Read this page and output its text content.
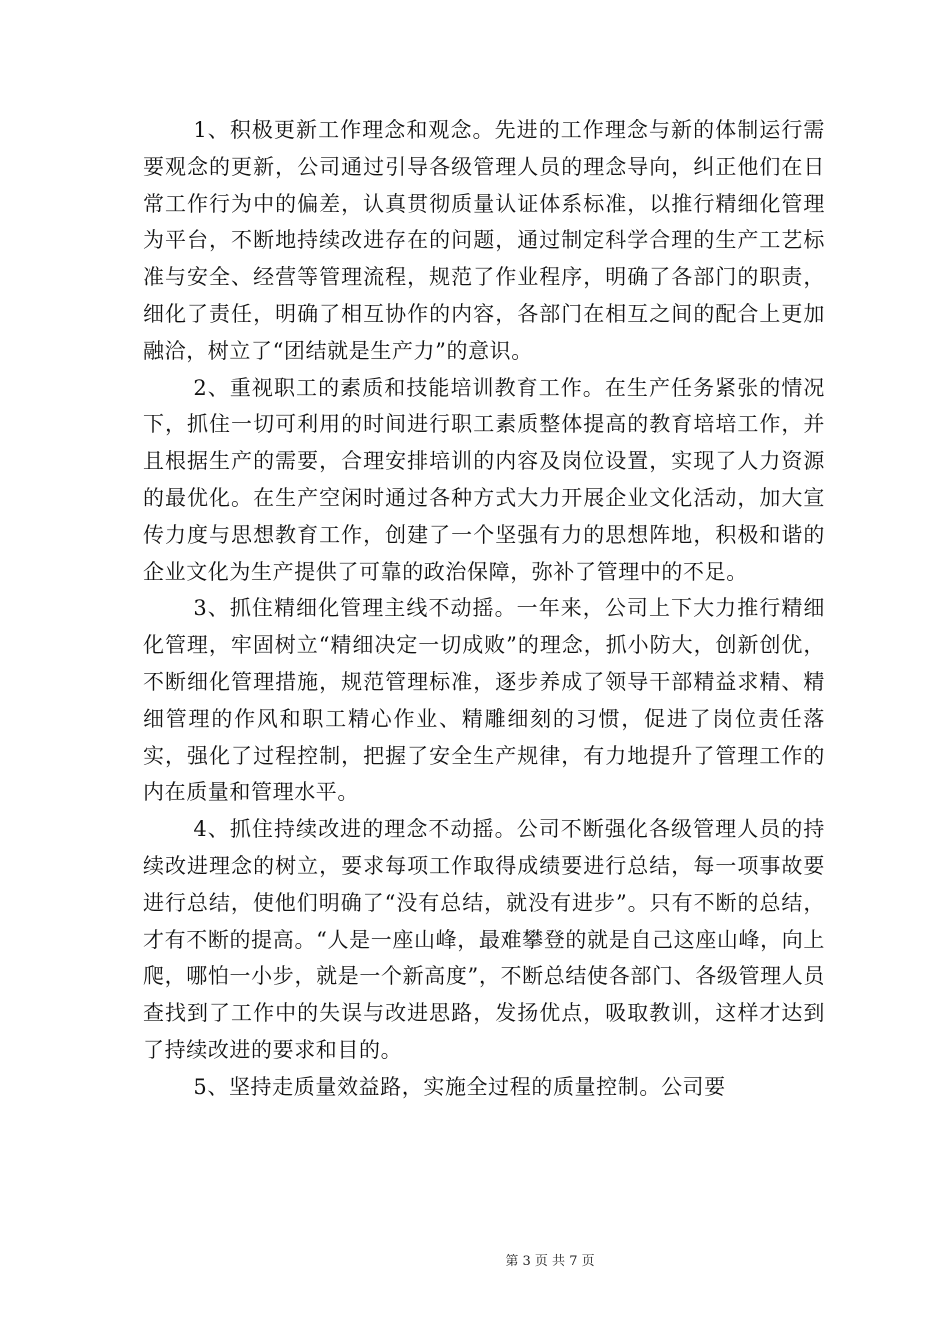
1、积极更新工作理念和观念。先进的工作理念与新的体制运行需要观念的更新，公司通过引导各级管理人员的理念导向，纠正他们在日常工作行为中的偏差，认真贯彻质量认证体系标准，以推行精细化管理为平台，不断地持续改进存在的问题，通过制定科学合理的生产工艺标准与安全、经营等管理流程，规范了作业程序，明确了各部门的职责，细化了责任，明确了相互协作的内容，各部门在相互之间的配合上更加融洽，树立了“团结就是生产力”的意识。

2、重视职工的素质和技能培训教育工作。在生产任务紧张的情况下，抓住一切可利用的时间进行职工素质整体提高的教育培培工作，并且根据生产的需要，合理安排培训的内容及岗位设置，实现了人力资源的最优化。在生产空闲时通过各种方式大力开展企业文化活动，加大宣传力度与思想教育工作，创建了一个坚强有力的思想阵地，积极和谐的企业文化为生产提供了可靠的政治保障，弥补了管理中的不足。

3、抓住精细化管理主线不动摇。一年来，公司上下大力推行精细化管理，牢固树立“精细决定一切成败”的理念，抓小防大，创新创优，不断细化管理措施，规范管理标准，逐步养成了领导干部精益求精、精细管理的作风和职工精心作业、精雕细刻的习惯，促进了岗位责任落实，强化了过程控制，把握了安全生产规律，有力地提升了管理工作的内在质量和管理水平。

4、抓住持续改进的理念不动摇。公司不断强化各级管理人员的持续改进理念的树立，要求每项工作取得成绩要进行总结，每一项事故要进行总结，使他们明确了“没有总结，就没有进步”。只有不断的总结，才有不断的提高。“人是一座山峰，最难攀登的就是自己这座山峰，向上爬，哪怕一小步，就是一个新高度”，不断总结使各部门、各级管理人员查找到了工作中的失误与改进思路，发扬优点，吸取教训，这样才达到了持续改进的要求和目的。

5、坚持走质量效益路，实施全过程的质量控制。公司要

第 3 页 共 7 页
